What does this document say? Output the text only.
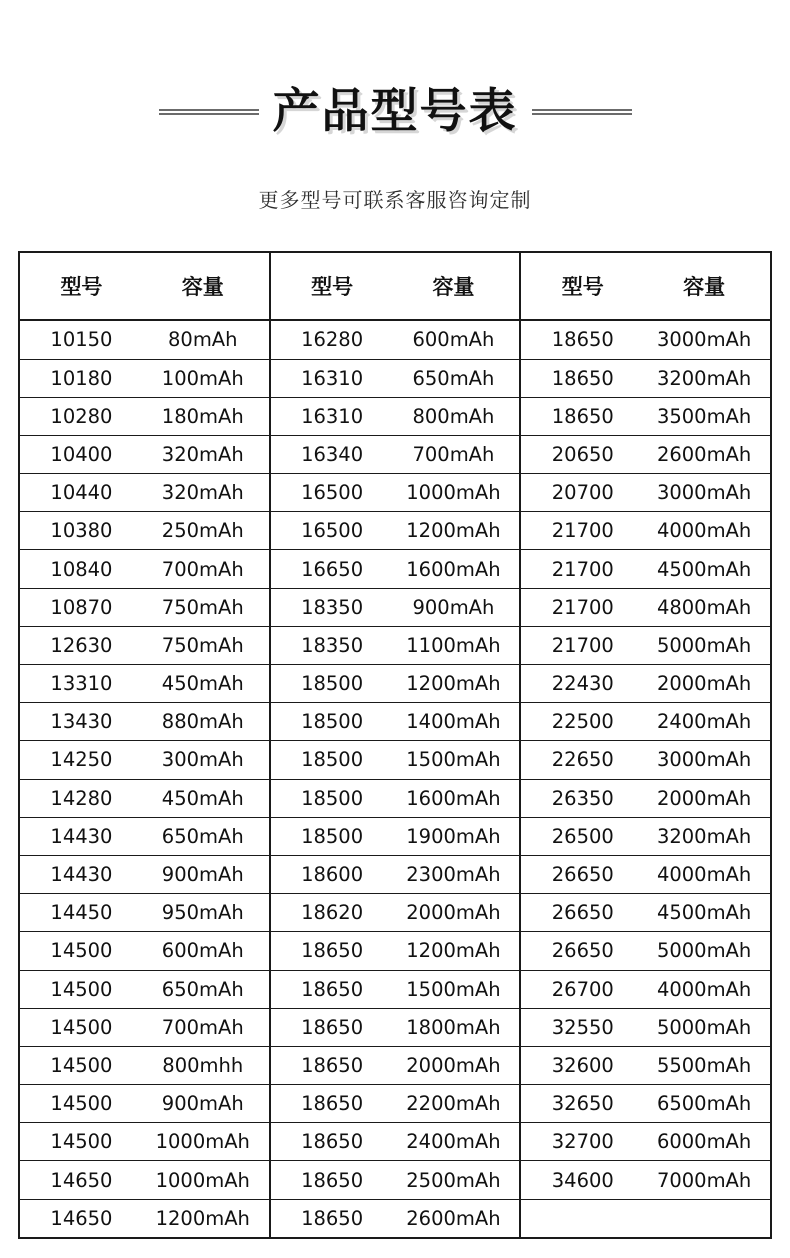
产品型号表
更多型号可联系客服咨询定制
型号	容量
10150	80mAh
10180	100mAh
10280	180mAh
10400	320mAh
10440	320mAh
10380	250mAh
10840	700mAh
10870	750mAh
12630	750mAh
13310	450mAh
13430	880mAh
14250	300mAh
14280	450mAh
14430	650mAh
14430	900mAh
14450	950mAh
14500	600mAh
14500	650mAh
14500	700mAh
14500	800mhh
14500	900mAh
14500	1000mAh
14650	1000mAh
14650	1200mAh
型号	容量
16280	600mAh
16310	650mAh
16310	800mAh
16340	700mAh
16500	1000mAh
16500	1200mAh
16650	1600mAh
18350	900mAh
18350	1100mAh
18500	1200mAh
18500	1400mAh
18500	1500mAh
18500	1600mAh
18500	1900mAh
18600	2300mAh
18620	2000mAh
18650	1200mAh
18650	1500mAh
18650	1800mAh
18650	2000mAh
18650	2200mAh
18650	2400mAh
18650	2500mAh
18650	2600mAh
型号	容量
18650	3000mAh
18650	3200mAh
18650	3500mAh
20650	2600mAh
20700	3000mAh
21700	4000mAh
21700	4500mAh
21700	4800mAh
21700	5000mAh
22430	2000mAh
22500	2400mAh
22650	3000mAh
26350	2000mAh
26500	3200mAh
26650	4000mAh
26650	4500mAh
26650	5000mAh
26700	4000mAh
32550	5000mAh
32600	5500mAh
32650	6500mAh
32700	6000mAh
34600	7000mAh
